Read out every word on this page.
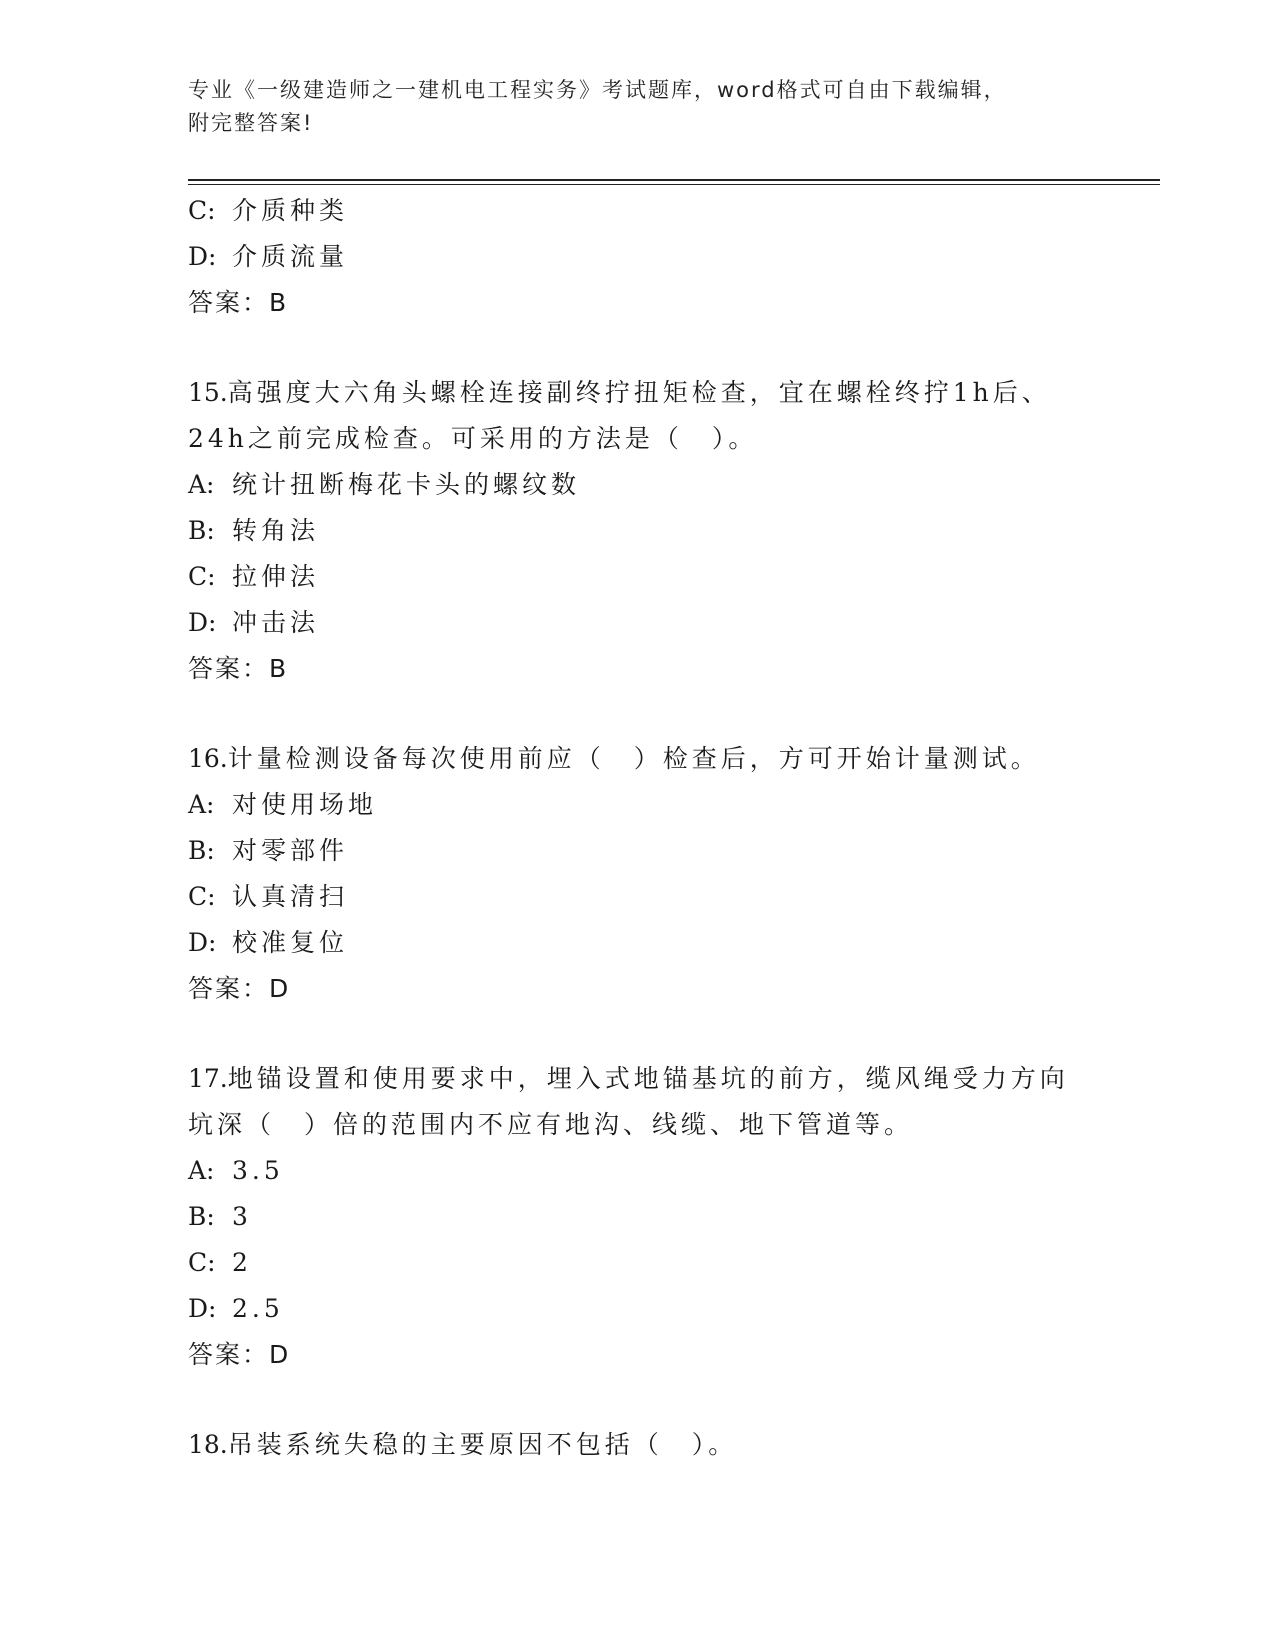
专业《一级建造师之一建机电工程实务》考试题库，word格式可自由下载编辑，
附完整答案!
C: 介质种类
D: 介质流量
答案：B
15.高强度大六角头螺栓连接副终拧扭矩检查，宜在螺栓终拧1h后、
24h之前完成检查。可采用的方法是（　）。
A: 统计扭断梅花卡头的螺纹数
B: 转角法
C: 拉伸法
D: 冲击法
答案：B
16.计量检测设备每次使用前应（　）检查后，方可开始计量测试。
A: 对使用场地
B: 对零部件
C: 认真清扫
D: 校准复位
答案：D
17.地锚设置和使用要求中，埋入式地锚基坑的前方，缆风绳受力方向
坑深（　）倍的范围内不应有地沟、线缆、地下管道等。
A: 3.5
B: 3
C: 2
D: 2.5
答案：D
18.吊装系统失稳的主要原因不包括（　）。
